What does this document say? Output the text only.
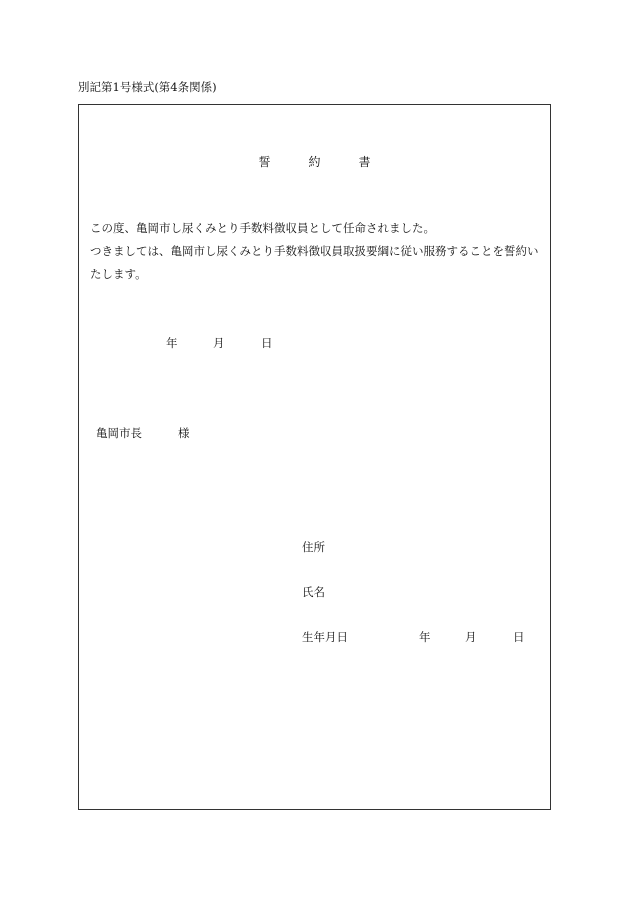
別記第1号様式(第4条関係)
誓	約	書

この度、亀岡市し尿くみとり手数料徴収員として任命されました。

つきましては、亀岡市し尿くみとり手数料徴収員取扱要綱に従い服務することを誓約いたします。

年	月	日
亀岡市長	様
住所
氏名
生年月日	年	月	日
